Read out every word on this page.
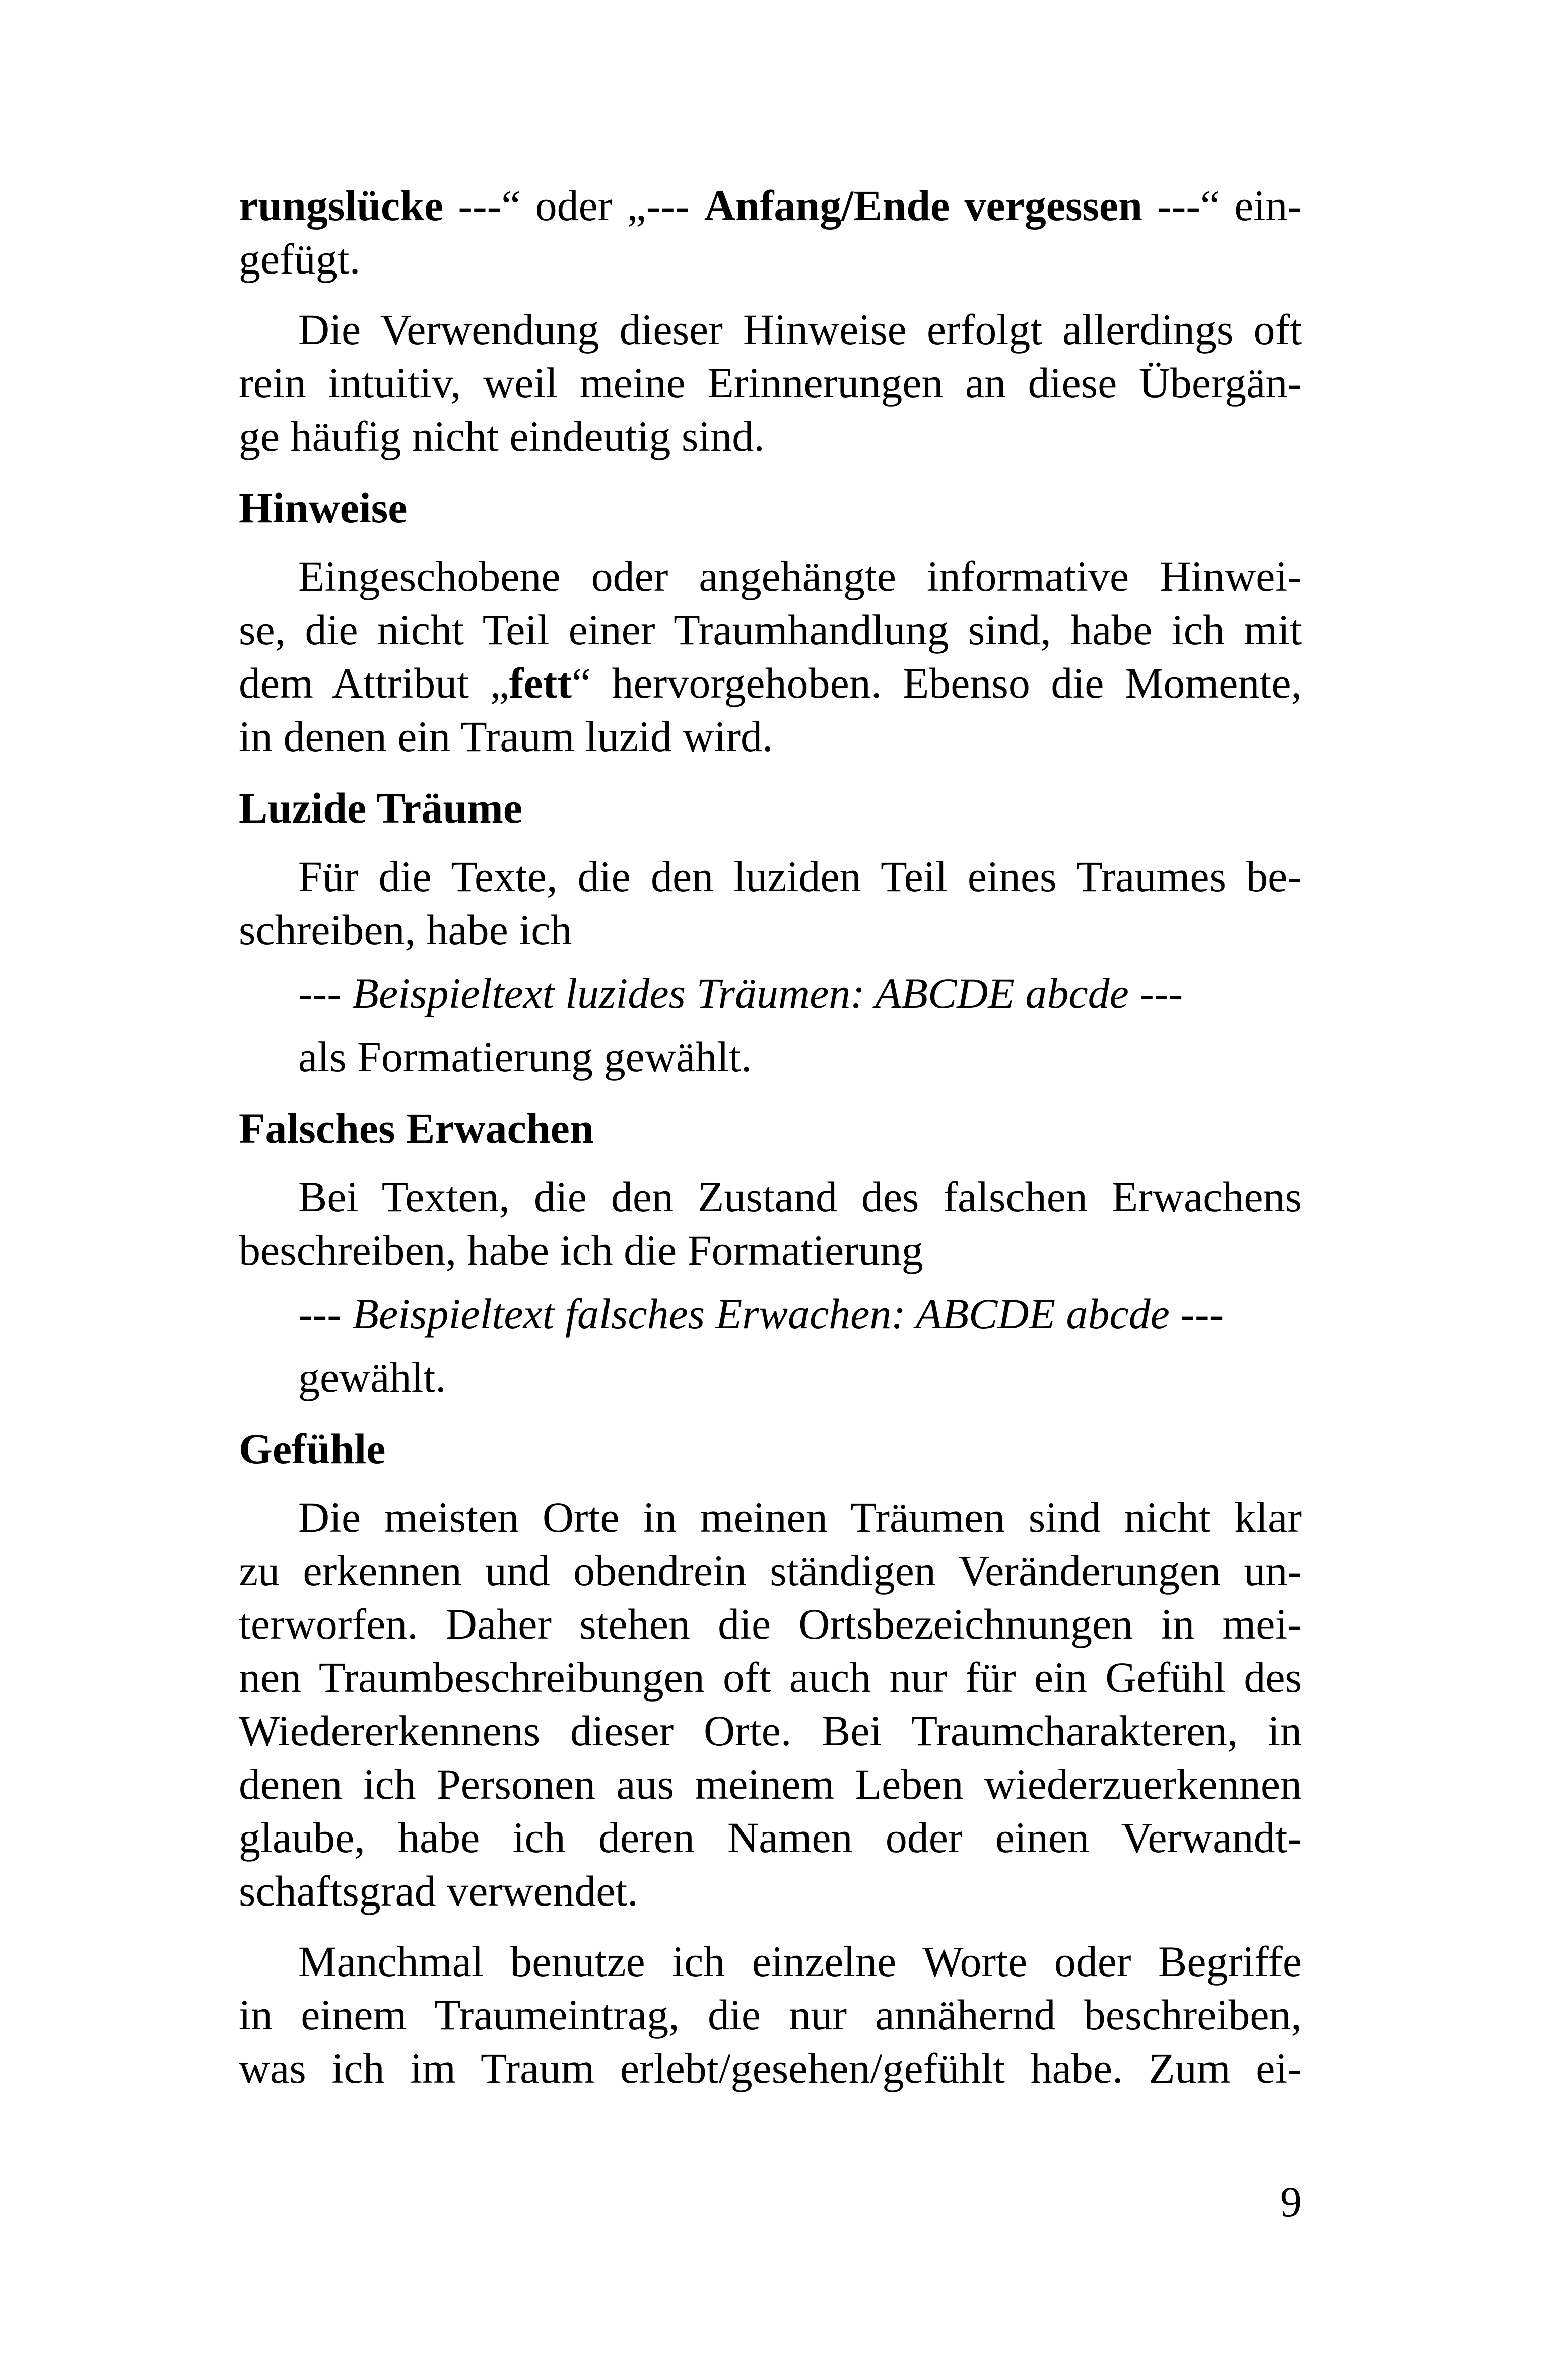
rungslücke ---“ oder „--- Anfang/Ende vergessen ---“ ein-
gefügt.
Die Verwendung dieser Hinweise erfolgt allerdings oft
rein intuitiv, weil meine Erinnerungen an diese Übergän-
ge häufig nicht eindeutig sind.
Hinweise
Eingeschobene oder angehängte informative Hinwei-
se, die nicht Teil einer Traumhandlung sind, habe ich mit
dem Attribut „fett“ hervorgehoben. Ebenso die Momente,
in denen ein Traum luzid wird.
Luzide Träume
Für die Texte, die den luziden Teil eines Traumes be-
schreiben, habe ich
--- Beispieltext luzides Träumen: ABCDE abcde ---
als Formatierung gewählt.
Falsches Erwachen
Bei Texten, die den Zustand des falschen Erwachens
beschreiben, habe ich die Formatierung
--- Beispieltext falsches Erwachen: ABCDE abcde ---
gewählt.
Gefühle
Die meisten Orte in meinen Träumen sind nicht klar
zu erkennen und obendrein ständigen Veränderungen un-
terworfen. Daher stehen die Ortsbezeichnungen in mei-
nen Traumbeschreibungen oft auch nur für ein Gefühl des
Wiedererkennens dieser Orte. Bei Traumcharakteren, in
denen ich Personen aus meinem Leben wiederzuerkennen
glaube, habe ich deren Namen oder einen Verwandt-
schaftsgrad verwendet.
Manchmal benutze ich einzelne Worte oder Begriffe
in einem Traumeintrag, die nur annähernd beschreiben,
was ich im Traum erlebt/gesehen/gefühlt habe. Zum ei-
9
